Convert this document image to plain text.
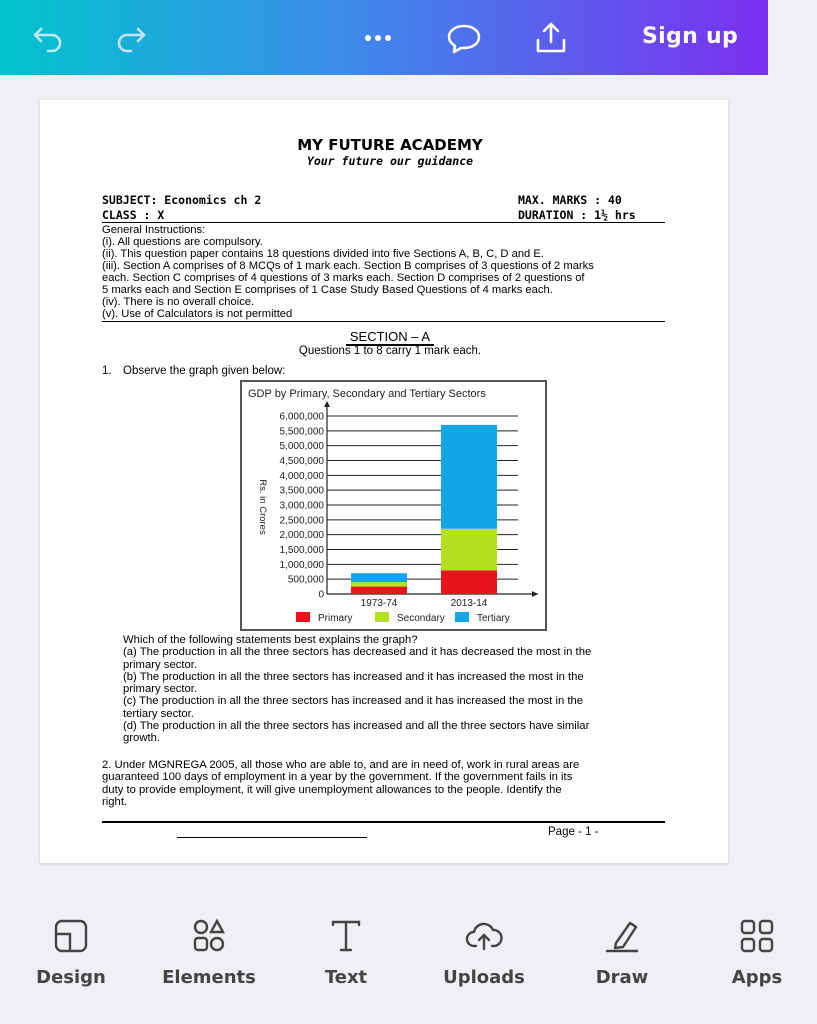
Sign up
MY FUTURE ACADEMY
Your future our guidance
SUBJECT: Economics ch 2
CLASS : X
MAX. MARKS : 40
DURATION : 1½ hrs
General Instructions:
(i). All questions are compulsory.
(ii). This question paper contains 18 questions divided into five Sections A, B, C, D and E.
(iii). Section A comprises of 8 MCQs of 1 mark each. Section B comprises of 3 questions of 2 marks
each. Section C comprises of 4 questions of 3 marks each. Section D comprises of 2 questions of
5 marks each and Section E comprises of 1 Case Study Based Questions of 4 marks each.
(iv). There is no overall choice.
(v). Use of Calculators is not permitted
SECTION – A
Questions 1 to 8 carry 1 mark each.
1. Observe the graph given below:
GDP by Primary, Secondary and Tertiary Sectors
0
500,000
1,000,000
1,500,000
2,000,000
2,500,000
3,000,000
3,500,000
4,000,000
4,500,000
5,000,000
5,500,000
6,000,000
Rs. in Crores
1973-74	2013-14
Primary	Secondary	Tertiary
Which of the following statements best explains the graph?
(a) The production in all the three sectors has decreased and it has decreased the most in the
primary sector.
(b) The production in all the three sectors has increased and it has increased the most in the
primary sector.
(c) The production in all the three sectors has increased and it has increased the most in the
tertiary sector.
(d) The production in all the three sectors has increased and all the three sectors have similar
growth.
2. Under MGNREGA 2005, all those who are able to, and are in need of, work in rural areas are
guaranteed 100 days of employment in a year by the government. If the government fails in its
duty to provide employment, it will give unemployment allowances to the people. Identify the
right.
Page - 1 -
Design	Elements	Text	Uploads	Draw	Apps
